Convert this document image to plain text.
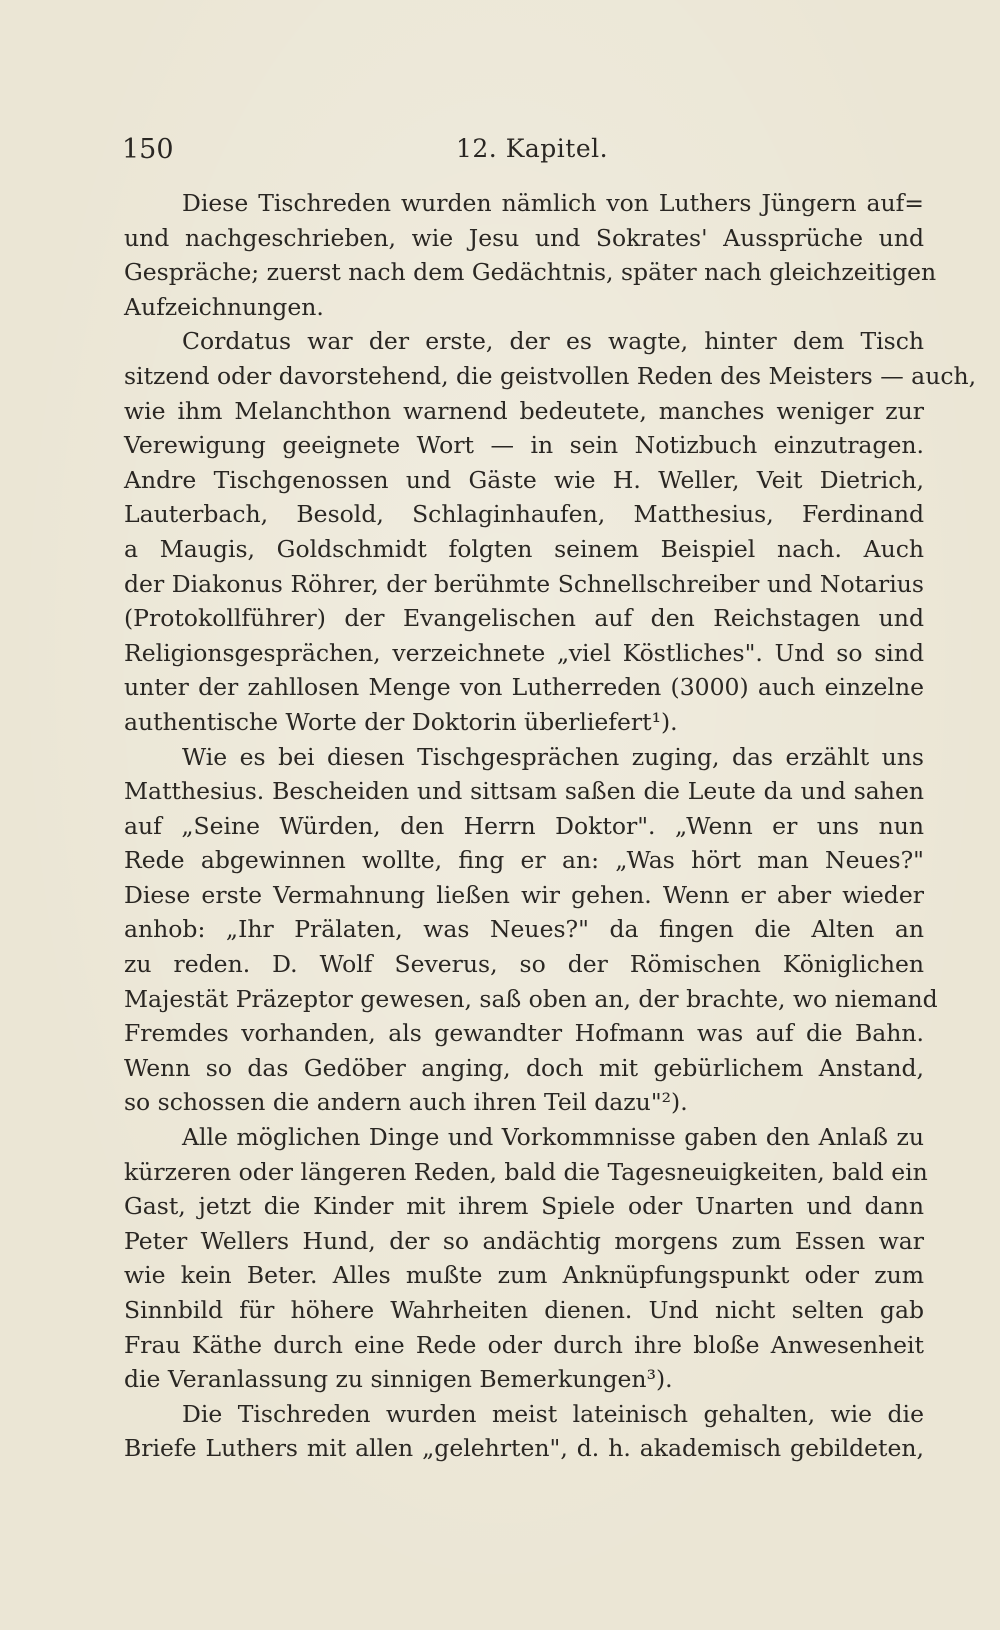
150	12. Kapitel.

Diese Tischreden wurden nämlich von Luthers Jüngern auf=
und nachgeschrieben, wie Jesu und Sokrates' Aussprüche und
Gespräche; zuerst nach dem Gedächtnis, später nach gleichzeitigen
Aufzeichnungen.

Cordatus war der erste, der es wagte, hinter dem Tisch
sitzend oder davorstehend, die geistvollen Reden des Meisters — auch,
wie ihm Melanchthon warnend bedeutete, manches weniger zur
Verewigung geeignete Wort — in sein Notizbuch einzutragen.
Andre Tischgenossen und Gäste wie H. Weller, Veit Dietrich,
Lauterbach, Besold, Schlaginhaufen, Matthesius, Ferdinand
a Maugis, Goldschmidt folgten seinem Beispiel nach. Auch
der Diakonus Röhrer, der berühmte Schnellschreiber und Notarius
(Protokollführer) der Evangelischen auf den Reichstagen und
Religionsgesprächen, verzeichnete „viel Köstliches". Und so sind
unter der zahllosen Menge von Lutherreden (3000) auch einzelne
authentische Worte der Doktorin überliefert¹).

Wie es bei diesen Tischgesprächen zuging, das erzählt uns
Matthesius. Bescheiden und sittsam saßen die Leute da und sahen
auf „Seine Würden, den Herrn Doktor". „Wenn er uns nun
Rede abgewinnen wollte, fing er an: „Was hört man Neues?"
Diese erste Vermahnung ließen wir gehen. Wenn er aber wieder
anhob: „Ihr Prälaten, was Neues?" da fingen die Alten an
zu reden. D. Wolf Severus, so der Römischen Königlichen
Majestät Präzeptor gewesen, saß oben an, der brachte, wo niemand
Fremdes vorhanden, als gewandter Hofmann was auf die Bahn.
Wenn so das Gedöber anging, doch mit gebürlichem Anstand,
so schossen die andern auch ihren Teil dazu"²).

Alle möglichen Dinge und Vorkommnisse gaben den Anlaß zu
kürzeren oder längeren Reden, bald die Tagesneuigkeiten, bald ein
Gast, jetzt die Kinder mit ihrem Spiele oder Unarten und dann
Peter Wellers Hund, der so andächtig morgens zum Essen war
wie kein Beter. Alles mußte zum Anknüpfungspunkt oder zum
Sinnbild für höhere Wahrheiten dienen. Und nicht selten gab
Frau Käthe durch eine Rede oder durch ihre bloße Anwesenheit
die Veranlassung zu sinnigen Bemerkungen³).

Die Tischreden wurden meist lateinisch gehalten, wie die
Briefe Luthers mit allen „gelehrten", d. h. akademisch gebildeten,
